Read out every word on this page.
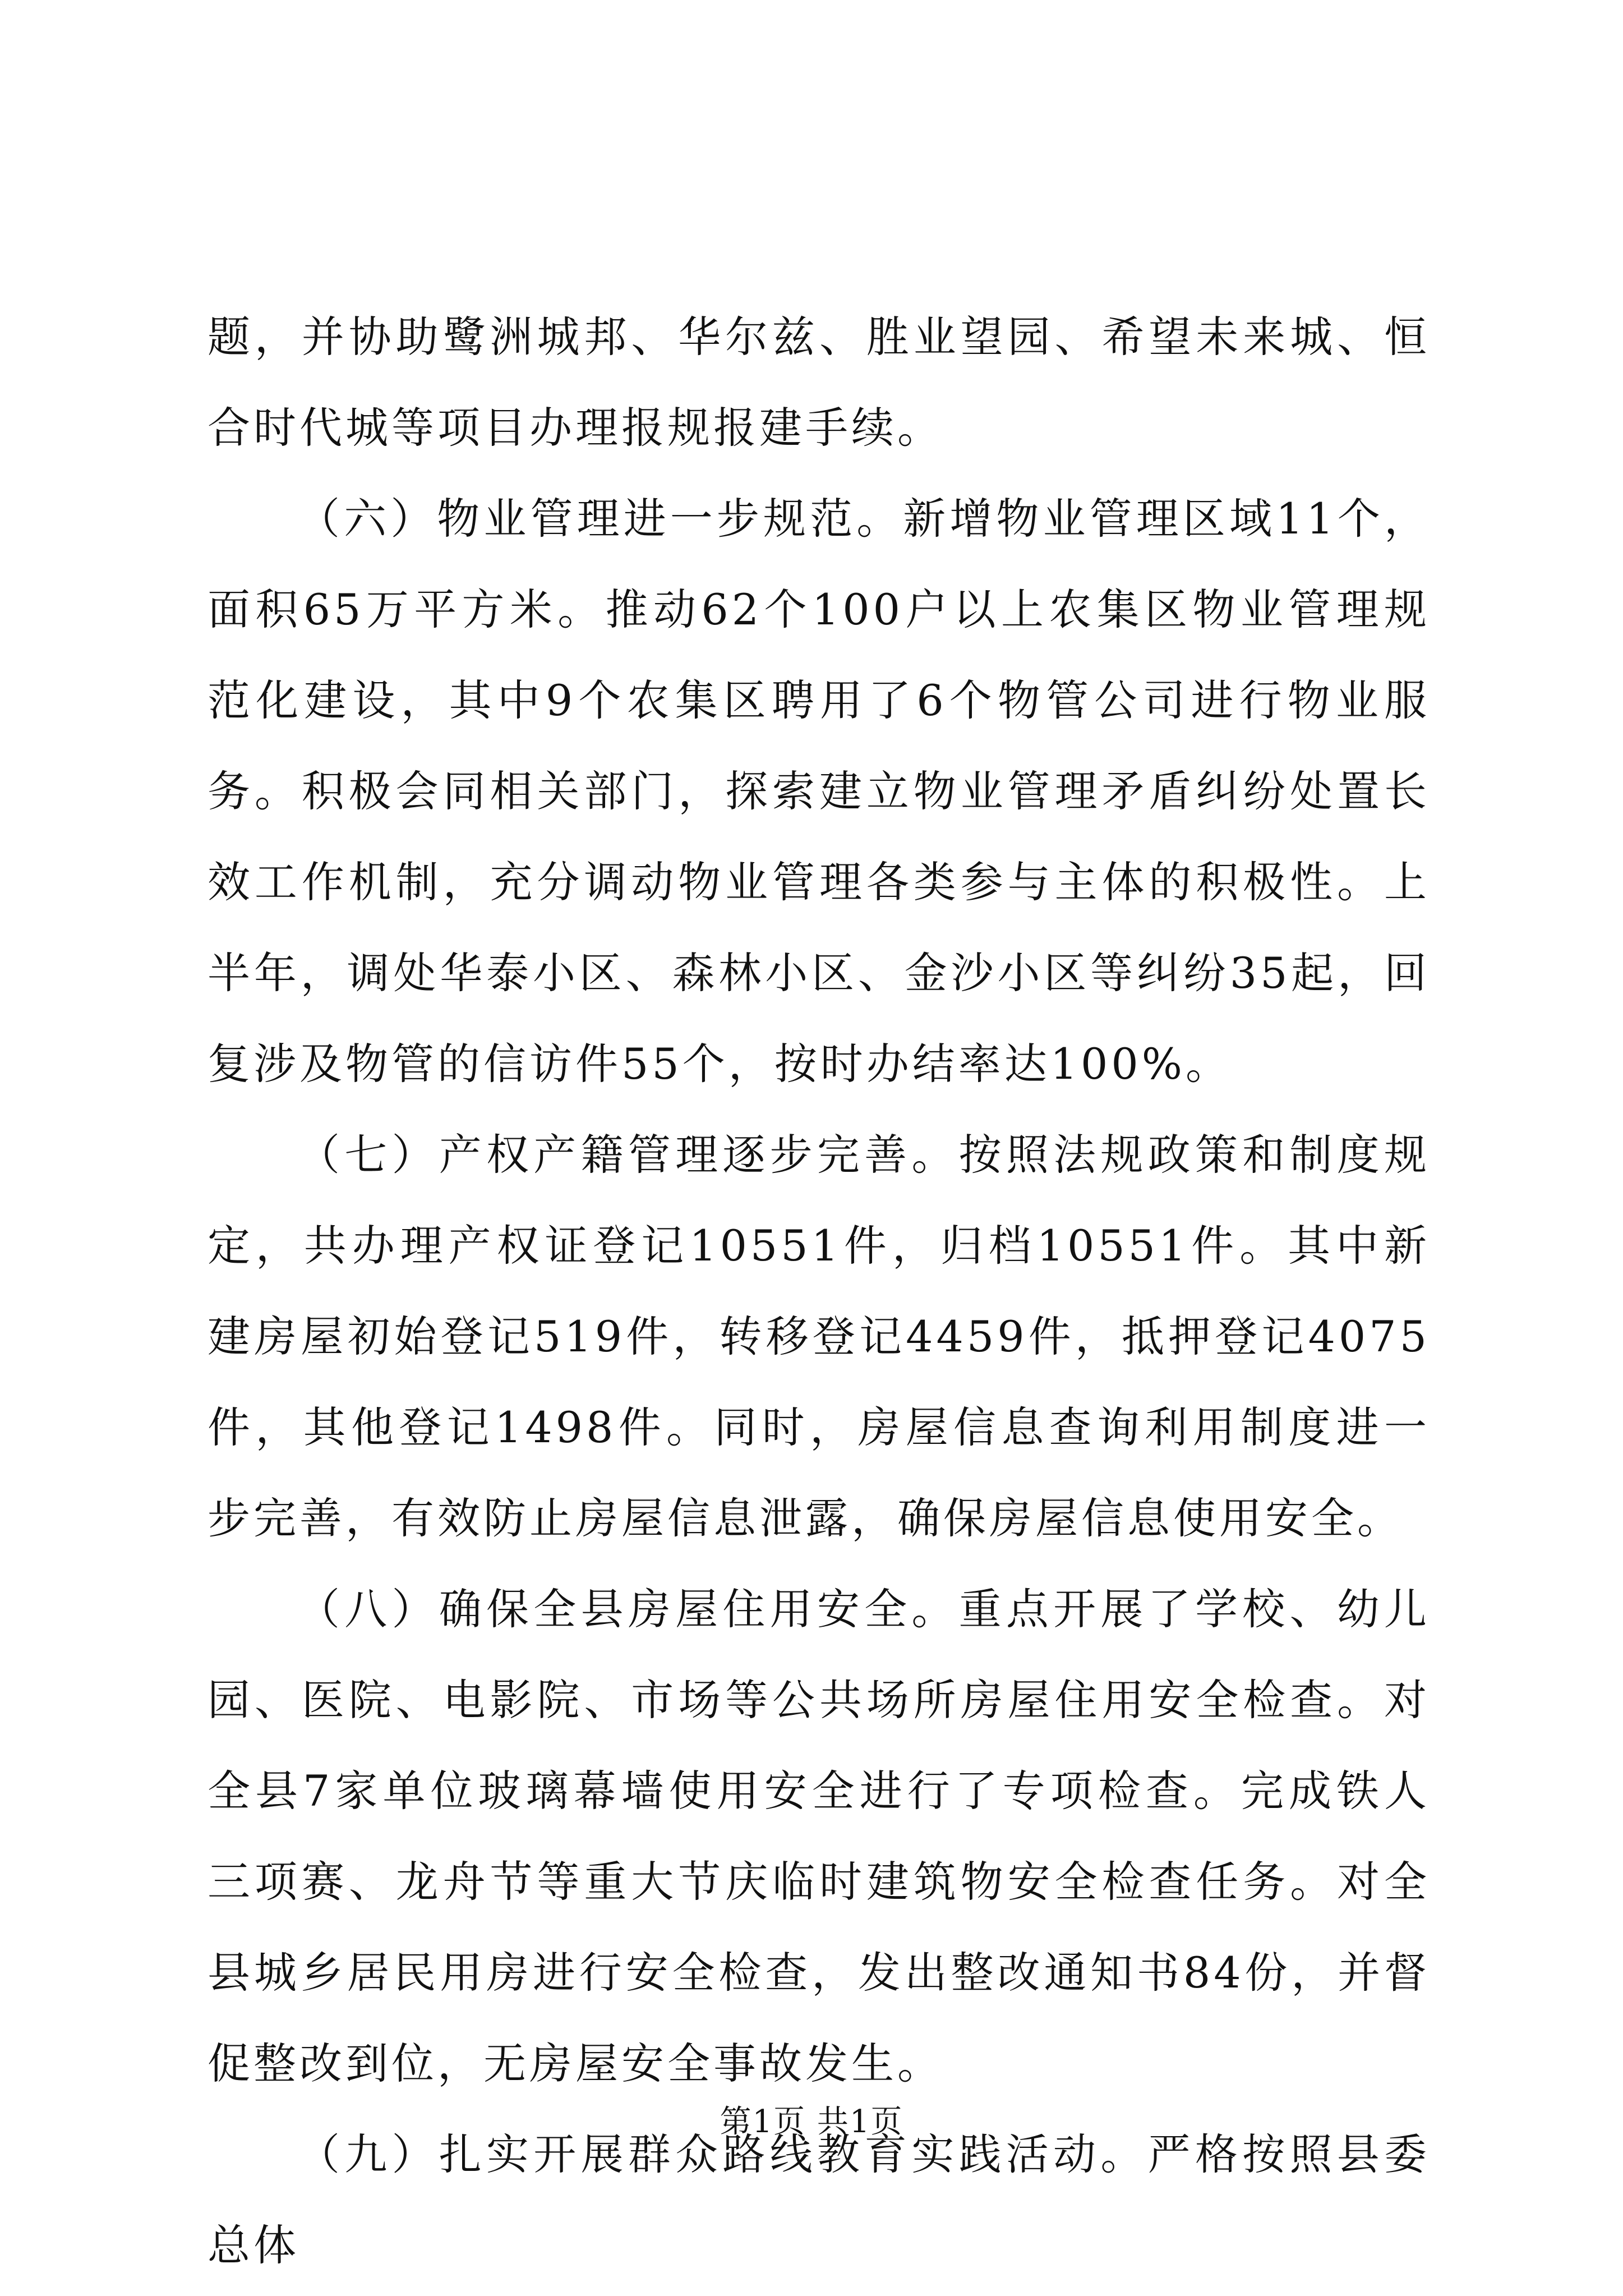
题，并协助鹭洲城邦、华尔兹、胜业望园、希望未来城、恒合时代城等项目办理报规报建手续。

（六）物业管理进一步规范。新增物业管理区域11个，面积65万平方米。推动62个100户以上农集区物业管理规范化建设，其中9个农集区聘用了6个物管公司进行物业服务。积极会同相关部门，探索建立物业管理矛盾纠纷处置长效工作机制，充分调动物业管理各类参与主体的积极性。上半年，调处华泰小区、森林小区、金沙小区等纠纷35起，回复涉及物管的信访件55个，按时办结率达100%。

（七）产权产籍管理逐步完善。按照法规政策和制度规定，共办理产权证登记10551件，归档10551件。其中新建房屋初始登记519件，转移登记4459件，抵押登记4075件，其他登记1498件。同时，房屋信息查询利用制度进一步完善，有效防止房屋信息泄露，确保房屋信息使用安全。

（八）确保全县房屋住用安全。重点开展了学校、幼儿园、医院、电影院、市场等公共场所房屋住用安全检查。对全县7家单位玻璃幕墙使用安全进行了专项检查。完成铁人三项赛、龙舟节等重大节庆临时建筑物安全检查任务。对全县城乡居民用房进行安全检查，发出整改通知书84份，并督促整改到位，无房屋安全事故发生。

（九）扎实开展群众路线教育实践活动。严格按照县委总体

第1页 共1页
